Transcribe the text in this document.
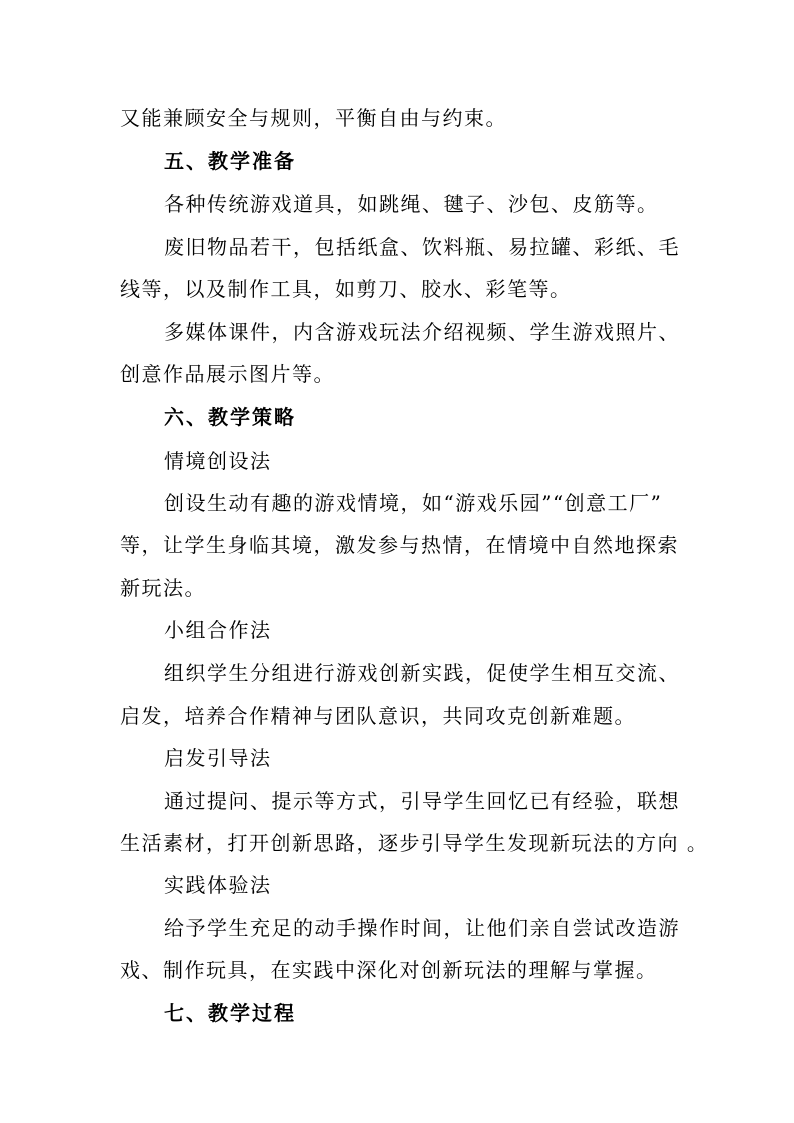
又能兼顾安全与规则，平衡自由与约束。
五、教学准备
各种传统游戏道具，如跳绳、毽子、沙包、皮筋等。
废旧物品若干，包括纸盒、饮料瓶、易拉罐、彩纸、毛
线等，以及制作工具，如剪刀、胶水、彩笔等。
多媒体课件，内含游戏玩法介绍视频、学生游戏照片、
创意作品展示图片等。
六、教学策略
情境创设法
创设生动有趣的游戏情境，如“游戏乐园”“创意工厂”
等，让学生身临其境，激发参与热情，在情境中自然地探索
新玩法。
小组合作法
组织学生分组进行游戏创新实践，促使学生相互交流、
启发，培养合作精神与团队意识，共同攻克创新难题。
启发引导法
通过提问、提示等方式，引导学生回忆已有经验，联想
生活素材，打开创新思路，逐步引导学生发现新玩法的方向 。
实践体验法
给予学生充足的动手操作时间，让他们亲自尝试改造游
戏、制作玩具，在实践中深化对创新玩法的理解与掌握。
七、教学过程
